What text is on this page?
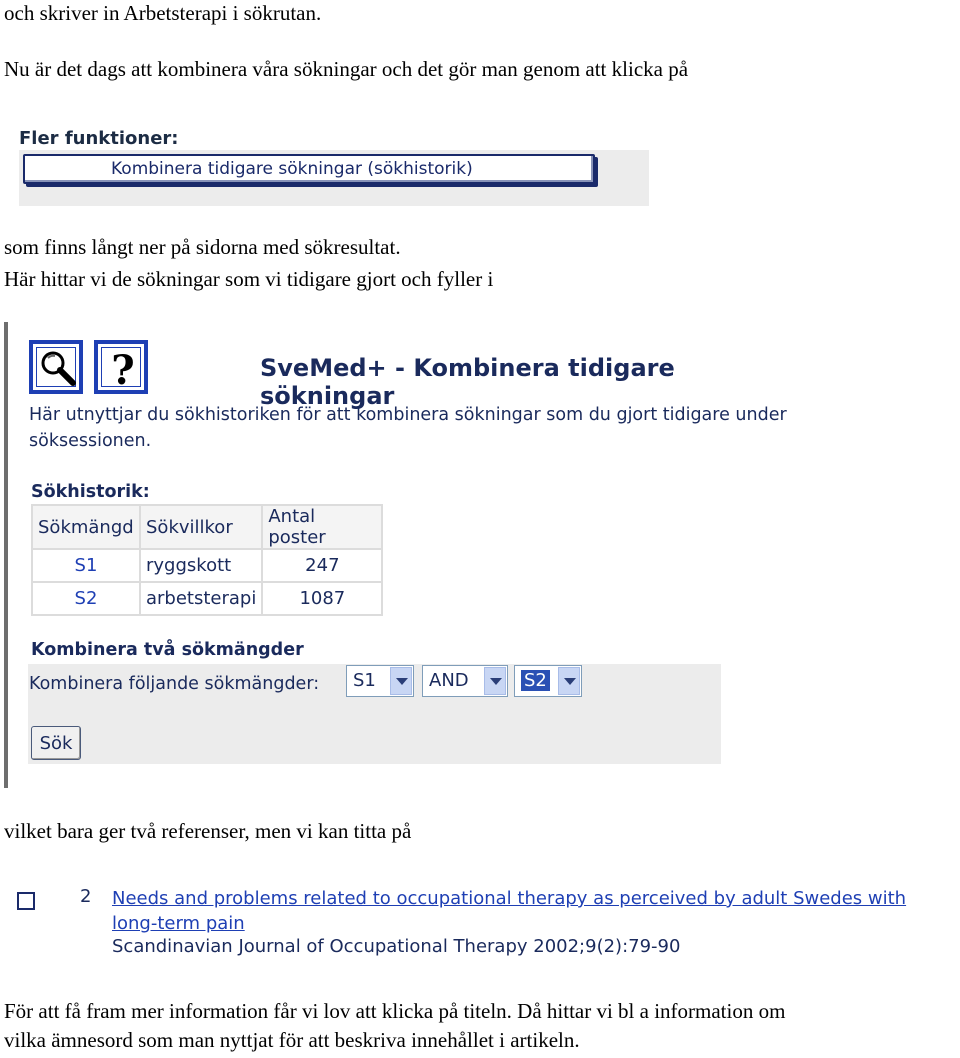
och skriver in Arbetsterapi i sökrutan.
Nu är det dags att kombinera våra sökningar och det gör man genom att klicka på
Fler funktioner:
Kombinera tidigare sökningar (sökhistorik)
som finns långt ner på sidorna med sökresultat.
Här hittar vi de sökningar som vi tidigare gjort och fyller i
?	SveMed+ - Kombinera tidigare sökningar
Här utnyttjar du sökhistoriken för att kombinera sökningar som du gjort tidigare under söksessionen.
Sökhistorik:
Sökmängd	Sökvillkor	Antal poster
S1	ryggskott	247
S2	arbetsterapi	1087
Kombinera två sökmängder
Kombinera följande sökmängder:	S1	AND	S2
Sök
vilket bara ger två referenser, men vi kan titta på
2 Needs and problems related to occupational therapy as perceived by adult Swedes with long-term pain
Scandinavian Journal of Occupational Therapy 2002;9(2):79-90
För att få fram mer information får vi lov att klicka på titeln. Då hittar vi bl a information om
vilka ämnesord som man nyttjat för att beskriva innehållet i artikeln.
